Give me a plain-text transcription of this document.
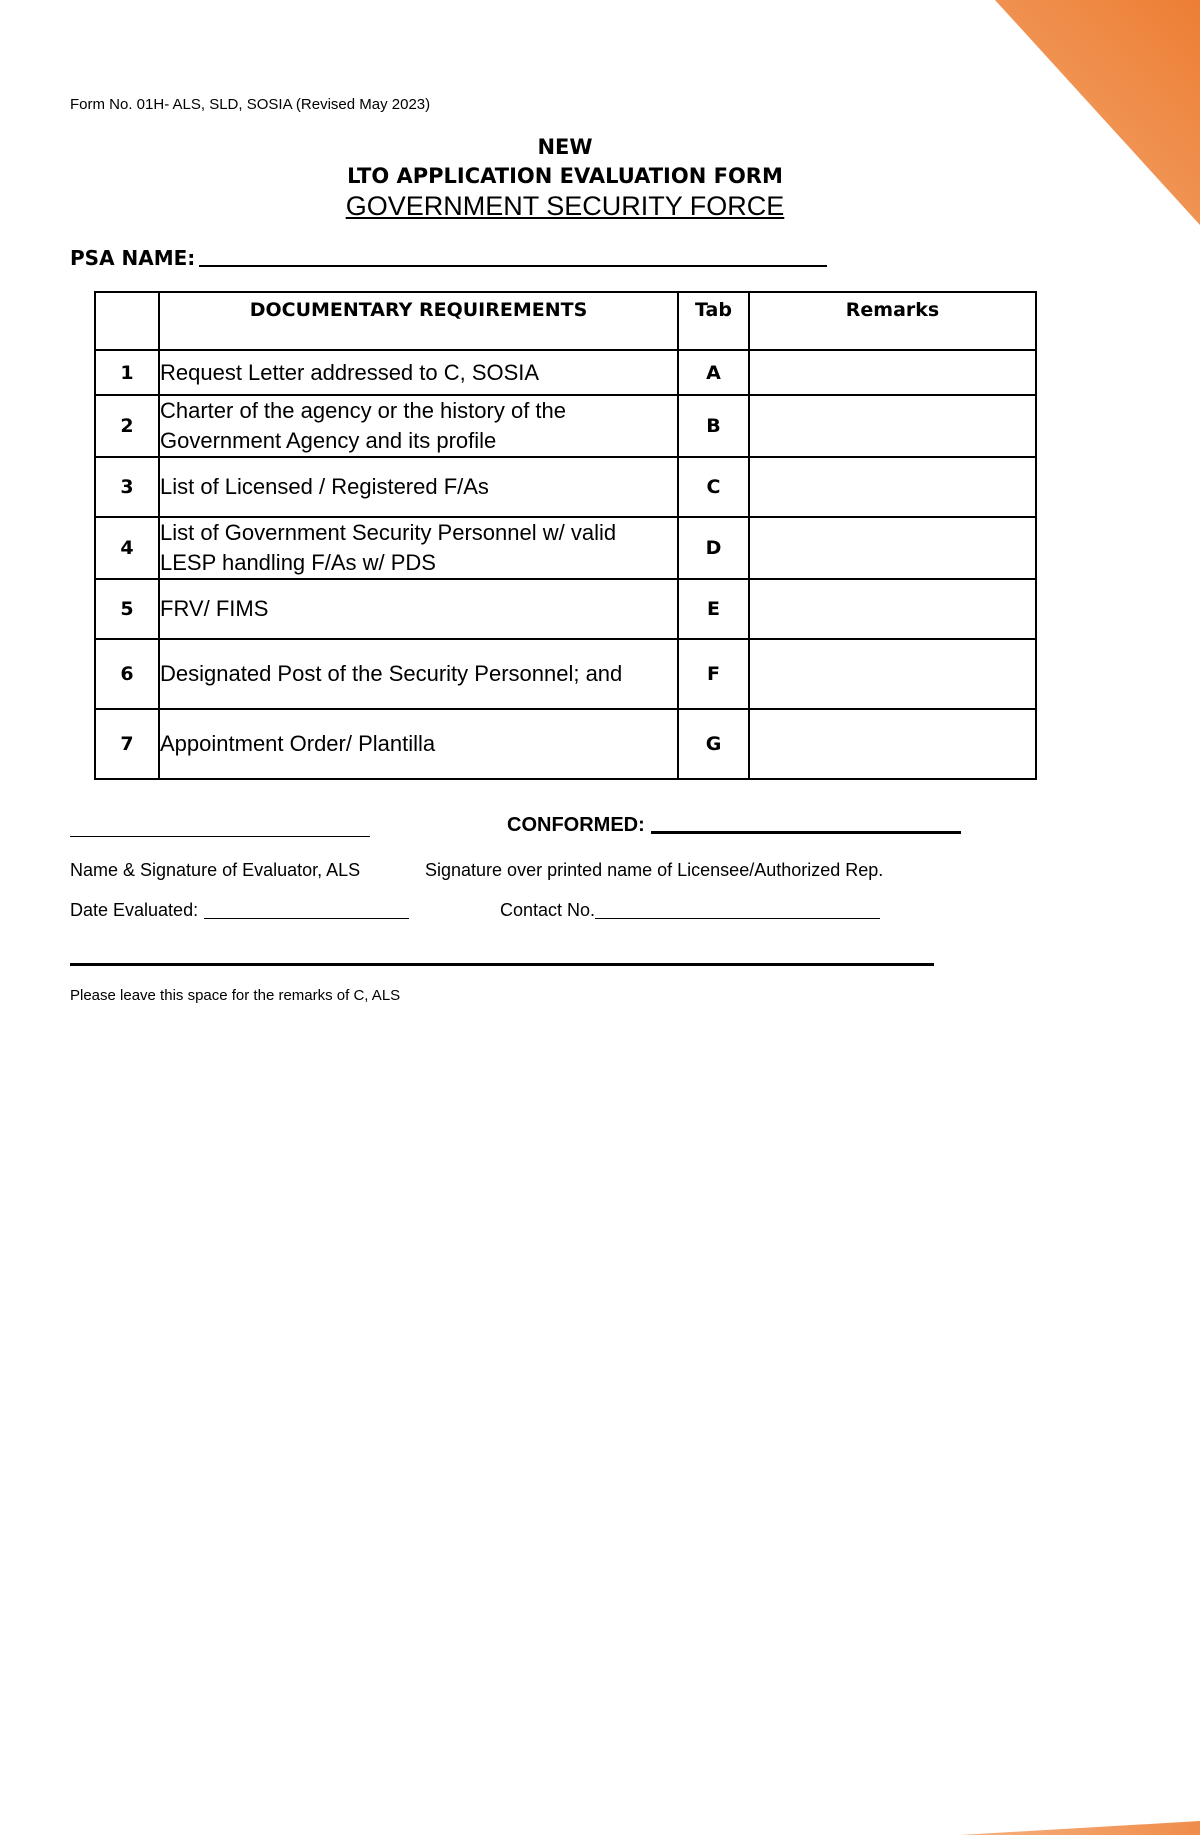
Form No. 01H- ALS, SLD, SOSIA (Revised May 2023)
NEW
LTO APPLICATION EVALUATION FORM
GOVERNMENT SECURITY FORCE
PSA NAME:
	DOCUMENTARY REQUIREMENTS	Tab	Remarks
1	Request Letter addressed to C, SOSIA	A	
2	Charter of the agency or the history of the Government Agency and its profile	B	
3	List of Licensed / Registered F/As	C	
4	List of Government Security Personnel w/ valid LESP handling F/As w/ PDS	D	
5	FRV/ FIMS	E	
6	Designated Post of the Security Personnel; and	F	
7	Appointment Order/ Plantilla	G	
CONFORMED:
Name & Signature of Evaluator, ALS	Signature over printed name of Licensee/Authorized Rep.
Date Evaluated:	Contact No.
Please leave this space for the remarks of C, ALS
